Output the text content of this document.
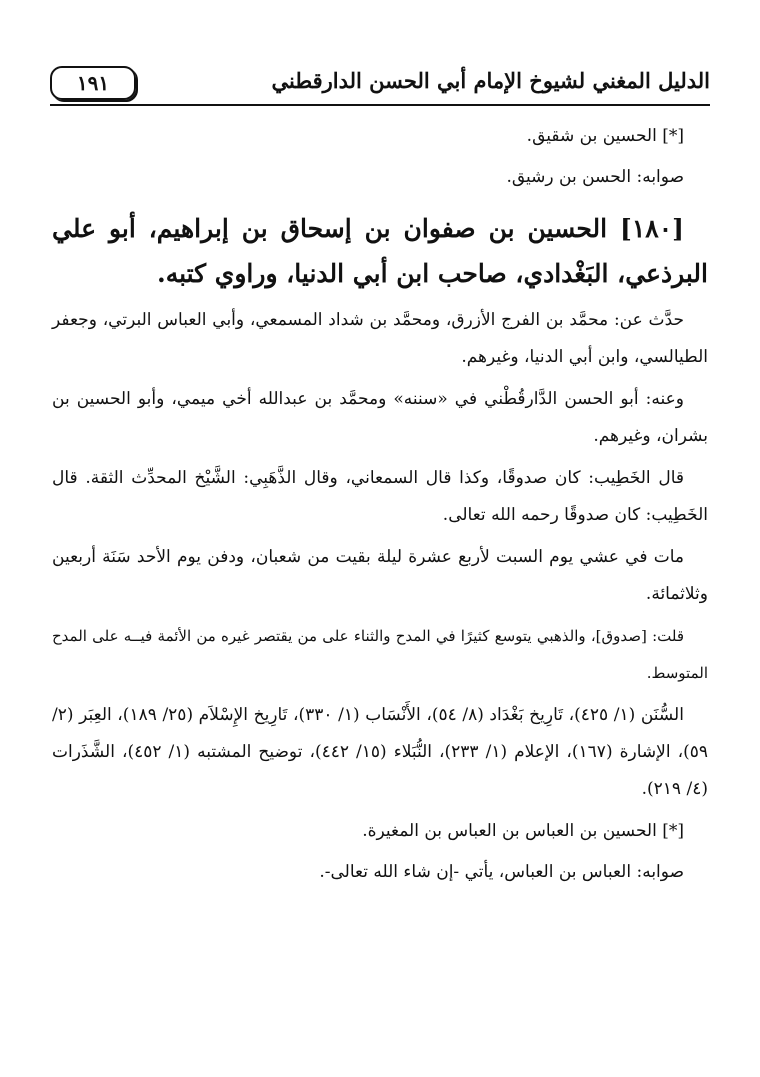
الدليل المغني لشيوخ الإمام أبي الحسن الدارقطني
١٩١

[*] الحسين بن شقيق.

صوابه: الحسن بن رشيق.

[١٨٠] الحسين بن صفوان بن إسحاق بن إبراهيم، أبو علي البرذعي، البَغْدادي، صاحب ابن أبي الدنيا، وراوي كتبه.

حدَّث عن: محمَّد بن الفرج الأزرق، ومحمَّد بن شداد المسمعي، وأبي العباس البرتي، وجعفر الطيالسي، وابن أبي الدنيا، وغيرهم.

وعنه: أبو الحسن الدَّارقُطْني في «سننه» ومحمَّد بن عبدالله أخي ميمي، وأبو الحسين بن بشران، وغيرهم.

قال الخَطِيب: كان صدوقًا، وكذا قال السمعاني، وقال الذَّهَبِي: الشَّيْخ المحدِّث الثقة. قال الخَطِيب: كان صدوقًا رحمه الله تعالى.

مات في عشي يوم السبت لأربع عشرة ليلة بقيت من شعبان، ودفن يوم الأحد سَنَة أربعين وثلاثمائة.

قلت: [صدوق]، والذهبي يتوسع كثيرًا في المدح والثناء على من يقتصر غيره من الأئمة فيــه على المدح المتوسط.

السُّنَن (١/ ٤٢٥)، تَارِيخ بَغْدَاد (٨/ ٥٤)، الأَنْسَاب (١/ ٣٣٠)، تَارِيخ الإِسْلاَم (٢٥/ ١٨٩)، العِبَر (٢/ ٥٩)، الإشارة (١٦٧)، الإعلام (١/ ٢٣٣)، النُّبَلاء (١٥/ ٤٤٢)، توضيح المشتبه (١/ ٤٥٢)، الشَّذَرات (٤/ ٢١٩).

[*] الحسين بن العباس بن العباس بن المغيرة.

صوابه: العباس بن العباس، يأتي -إن شاء الله تعالى-.
